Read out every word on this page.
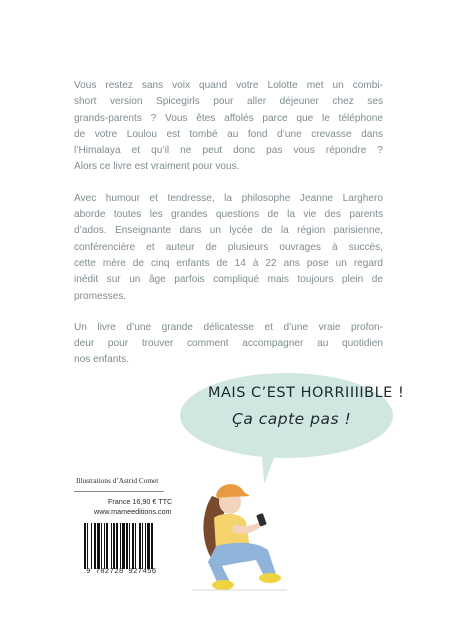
Vous restez sans voix quand votre Lolotte met un combi-
short version Spicegirls pour aller déjeuner chez ses
grands-parents ? Vous êtes affolés parce que le téléphone
de votre Loulou est tombé au fond d’une crevasse dans
l’Himalaya et qu’il ne peut donc pas vous répondre ?
Alors ce livre est vraiment pour vous.

Avec humour et tendresse, la philosophe Jeanne Larghero
aborde toutes les grandes questions de la vie des parents
d’ados. Enseignante dans un lycée de la région parisienne,
conférencière et auteur de plusieurs ouvrages à succès,
cette mère de cinq enfants de 14 à 22 ans pose un regard
inédit sur un âge parfois compliqué mais toujours plein de
promesses.

Un livre d’une grande délicatesse et d’une vraie profon-
deur pour trouver comment accompagner au quotidien
nos enfants.

MAIS C’EST HORRIIIIBLE !
Ça capte pas !
Illustrations d’Astrid Comet
France 16,90 € TTC
www.mameeditions.com
9 782728 927456
